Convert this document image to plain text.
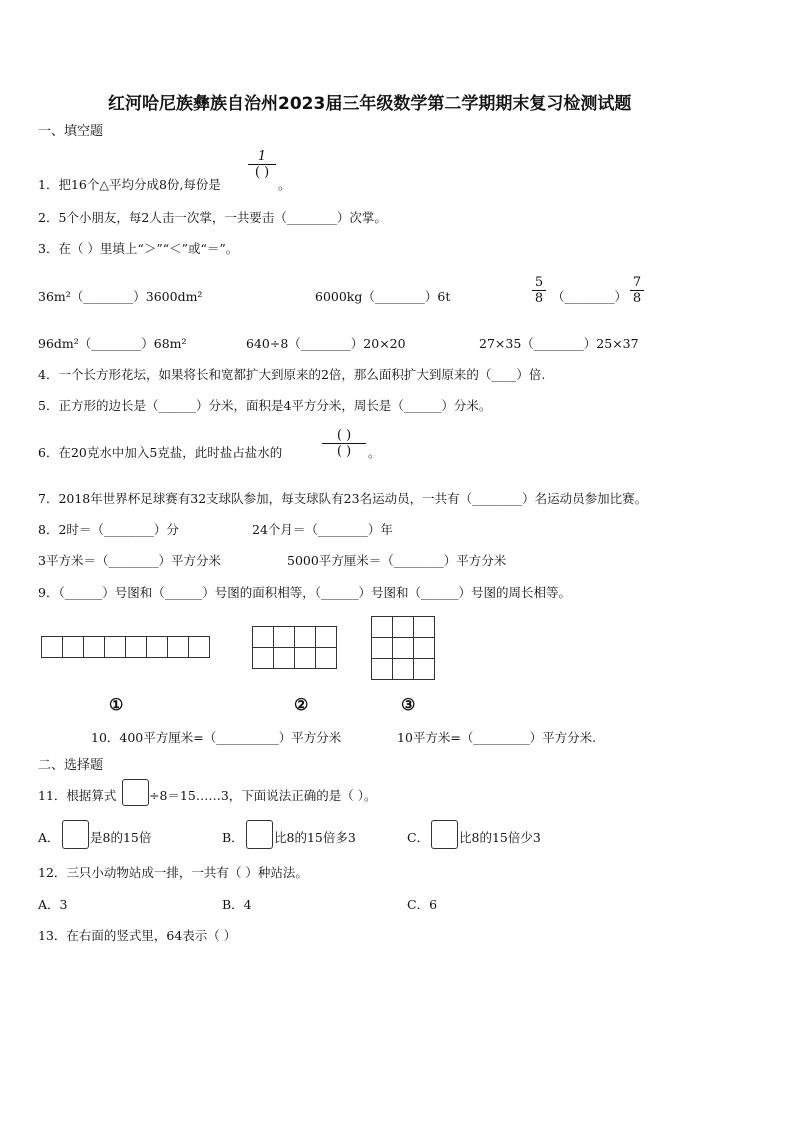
红河哈尼族彝族自治州2023届三年级数学第二学期期末复习检测试题
一、填空题
1．把16个△平均分成8份,每份是
1
( )
。
2．5个小朋友，每2人击一次掌，一共要击（________）次掌。
3．在（ ）里填上“＞”“＜”或“＝”。
36m²（________）3600dm²	6000kg（________）6t
5
8 （________）
7
8
96dm²（________）68m²	640÷8（________）20×20	27×35（________）25×37
4．一个长方形花坛，如果将长和宽都扩大到原来的2倍，那么面积扩大到原来的（____）倍.
5．正方形的边长是（______）分米，面积是4平方分米，周长是（______）分米。
6．在20克水中加入5克盐，此时盐占盐水的
( )
( )	。
7．2018年世界杯足球赛有32支球队参加，每支球队有23名运动员，一共有（________）名运动员参加比赛。
8．2时＝（________）分	24个月＝（________）年
3平方米＝（________）平方分米	5000平方厘米＝（________）平方分米
9．（______）号图和（______）号图的面积相等，（______）号图和（______）号图的周长相等。

①	②	③
10．400平方厘米=（__________）平方分米	10平方米=（_________）平方分米.
二、选择题
11．根据算式	÷8＝15……3，下面说法正确的是（ ）。
A． 是8的15倍	B． 比8的15倍多3	C． 比8的15倍少3
12．三只小动物站成一排，一共有（ ）种站法。
A．3	B．4	C．6
13．在右面的竖式里，64表示（ ）
